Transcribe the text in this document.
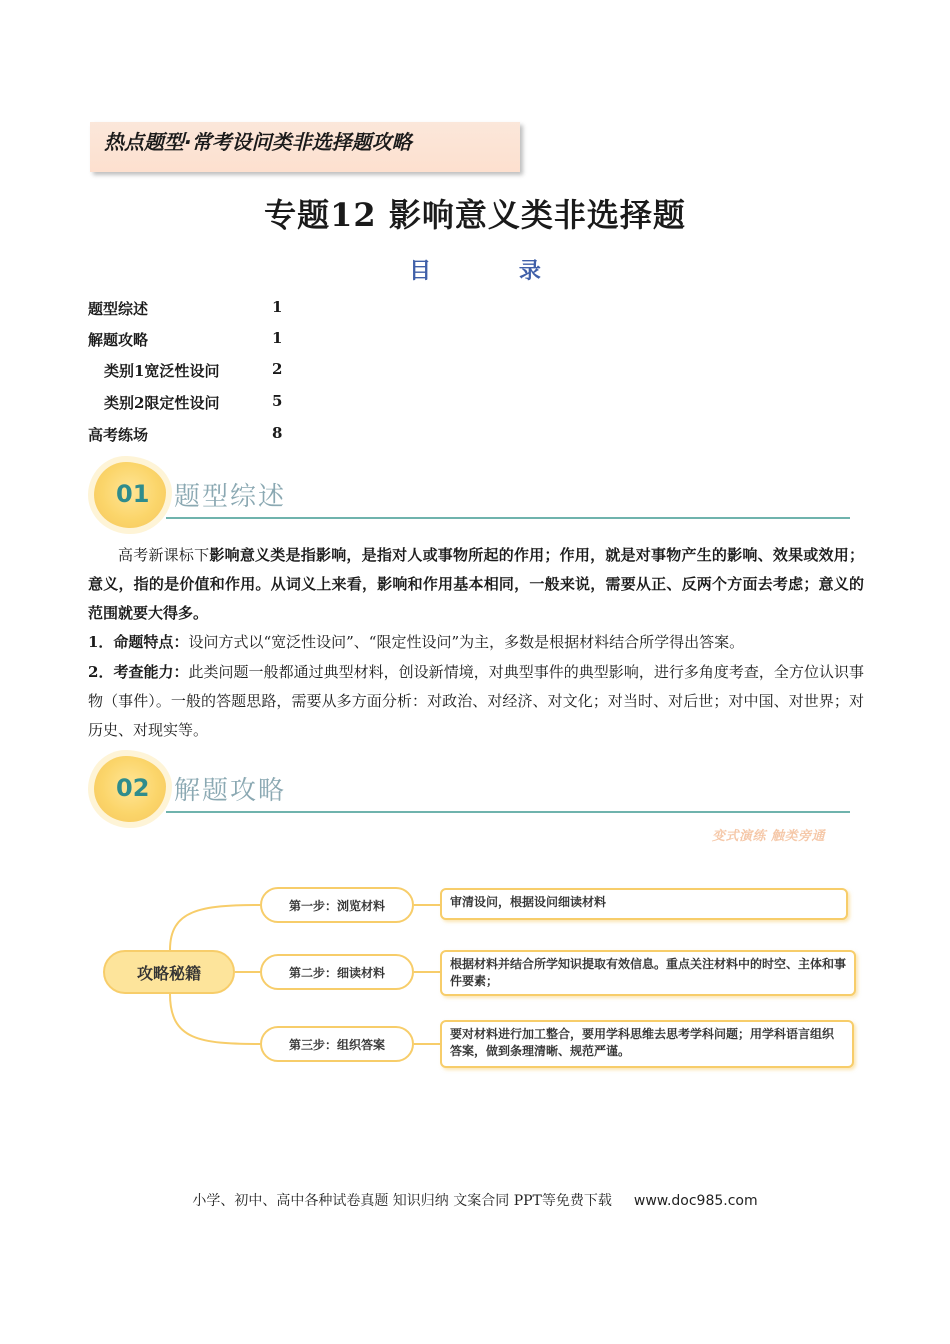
热点题型·常考设问类非选择题攻略
专题12 影响意义类非选择题
目 录
题型综述	1
解题攻略	1
类别1宽泛性设问	2
类别2限定性设问	5
高考练场	8
01 题型综述
高考新课标下影响意义类是指影响，是指对人或事物所起的作用；作用，就是对事物产生的影响、效果或效用；意义，指的是价值和作用。从词义上来看，影响和作用基本相同，一般来说，需要从正、反两个方面去考虑；意义的范围就要大得多。
1．命题特点：设问方式以“宽泛性设问”、“限定性设问”为主，多数是根据材料结合所学得出答案。
2．考查能力：此类问题一般都通过典型材料，创设新情境，对典型事件的典型影响，进行多角度考查，全方位认识事物（事件）。一般的答题思路，需要从多方面分析：对政治、对经济、对文化；对当时、对后世；对中国、对世界；对历史、对现实等。
02 解题攻略
变式演练 触类旁通
攻略秘籍
第一步：浏览材料	审清设问，根据设问细读材料
第二步：细读材料
根据材料并结合所学知识提取有效信息。重点关注材料中的时空、主体和事件要素；
第三步：组织答案
要对材料进行加工整合，要用学科思维去思考学科问题；用学科语言组织答案，做到条理清晰、规范严谨。
小学、初中、高中各种试卷真题 知识归纳 文案合同 PPT等免费下载 www.doc985.com
